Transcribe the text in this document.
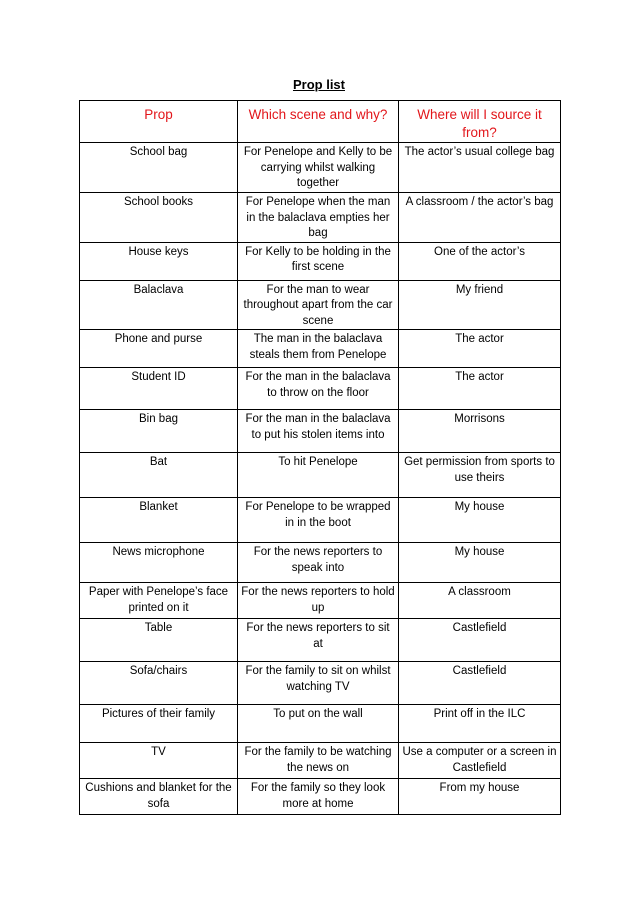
Prop list
Prop	Which scene and why?	Where will I source it from?
School bag	For Penelope and Kelly to be carrying whilst walking together	The actor’s usual college bag
School books	For Penelope when the man in the balaclava empties her bag	A classroom / the actor’s bag
House keys	For Kelly to be holding in the first scene	One of the actor’s
Balaclava	For the man to wear throughout apart from the car scene	My friend
Phone and purse	The man in the balaclava steals them from Penelope	The actor
Student ID	For the man in the balaclava to throw on the floor	The actor
Bin bag	For the man in the balaclava to put his stolen items into	Morrisons
Bat	To hit Penelope	Get permission from sports to use theirs
Blanket	For Penelope to be wrapped in in the boot	My house
News microphone	For the news reporters to speak into	My house
Paper with Penelope’s face printed on it	For the news reporters to hold up	A classroom
Table	For the news reporters to sit at	Castlefield
Sofa/chairs	For the family to sit on whilst watching TV	Castlefield
Pictures of their family	To put on the wall	Print off in the ILC
TV	For the family to be watching the news on	Use a computer or a screen in Castlefield
Cushions and blanket for the sofa	For the family so they look more at home	From my house
